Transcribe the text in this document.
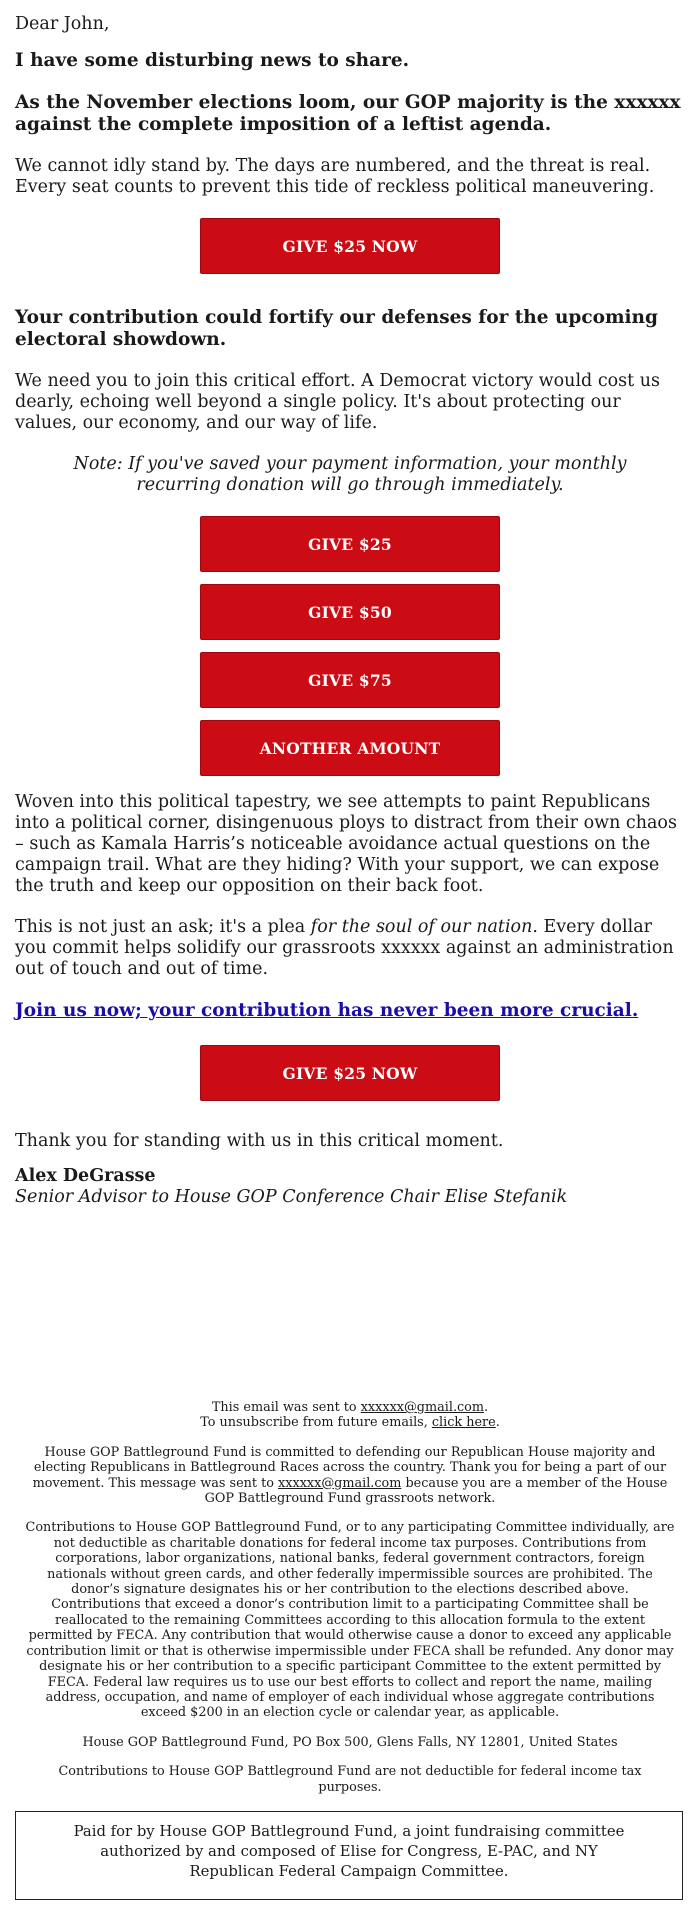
Dear John,

I have some disturbing news to share.

As the November elections loom, our GOP majority is the xxxxxx against the complete imposition of a leftist agenda.

We cannot idly stand by. The days are numbered, and the threat is real. Every seat counts to prevent this tide of reckless political maneuvering.

GIVE $25 NOW

Your contribution could fortify our defenses for the upcoming electoral showdown.

We need you to join this critical effort. A Democrat victory would cost us dearly, echoing well beyond a single policy. It's about protecting our values, our economy, and our way of life.

Note: If you've saved your payment information, your monthly recurring donation will go through immediately.

GIVE $25
GIVE $50
GIVE $75
ANOTHER AMOUNT

Woven into this political tapestry, we see attempts to paint Republicans into a political corner, disingenuous ploys to distract from their own chaos – such as Kamala Harris’s noticeable avoidance actual questions on the campaign trail. What are they hiding? With your support, we can expose the truth and keep our opposition on their back foot.

This is not just an ask; it's a plea for the soul of our nation. Every dollar you commit helps solidify our grassroots xxxxxx against an administration out of touch and out of time.

Join us now; your contribution has never been more crucial.

GIVE $25 NOW

Thank you for standing with us in this critical moment.

Alex DeGrasse

Senior Advisor to House GOP Conference Chair Elise Stefanik

This email was sent to xxxxxx@gmail.com.
To unsubscribe from future emails, click here.

House GOP Battleground Fund is committed to defending our Republican House majority and electing Republicans in Battleground Races across the country. Thank you for being a part of our movement. This message was sent to xxxxxx@gmail.com because you are a member of the House GOP Battleground Fund grassroots network.

Contributions to House GOP Battleground Fund, or to any participating Committee individually, are not deductible as charitable donations for federal income tax purposes. Contributions from corporations, labor organizations, national banks, federal government contractors, foreign nationals without green cards, and other federally impermissible sources are prohibited. The donor’s signature designates his or her contribution to the elections described above. Contributions that exceed a donor’s contribution limit to a participating Committee shall be reallocated to the remaining Committees according to this allocation formula to the extent permitted by FECA. Any contribution that would otherwise cause a donor to exceed any applicable contribution limit or that is otherwise impermissible under FECA shall be refunded. Any donor may designate his or her contribution to a specific participant Committee to the extent permitted by FECA. Federal law requires us to use our best efforts to collect and report the name, mailing address, occupation, and name of employer of each individual whose aggregate contributions exceed $200 in an election cycle or calendar year, as applicable.

House GOP Battleground Fund, PO Box 500, Glens Falls, NY 12801, United States

Contributions to House GOP Battleground Fund are not deductible for federal income tax purposes.

Paid for by House GOP Battleground Fund, a joint fundraising committee authorized by and composed of Elise for Congress, E-PAC, and NY Republican Federal Campaign Committee.
